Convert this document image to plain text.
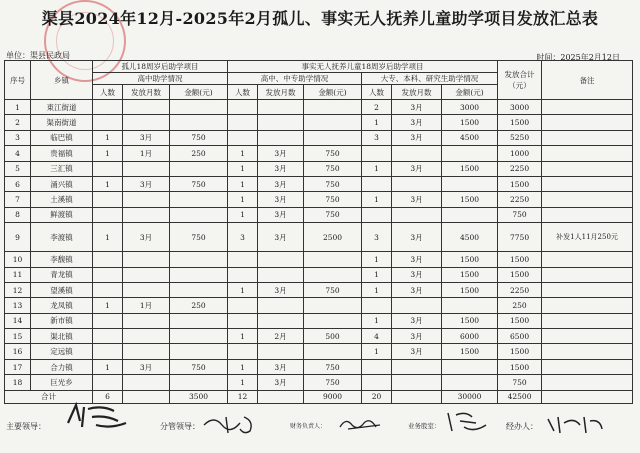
渠县2024年12月-2025年2月孤儿、事实无人抚养儿童助学项目发放汇总表
单位：渠县民政局	时间：2025年2月12日
序号	乡镇	孤儿18周岁后助学项目			事实无人抚养儿童18周岁后助学项目						发放合计（元）	备注
		高中助学情况			高中、中专助学情况			大专、本科、研究生助学情况				
		人数	发放月数	金额(元)	人数	发放月数	金额(元)	人数	发放月数	金额(元)		
1	東江街道							2	3月	3000	3000	
2	渠南街道							1	3月	1500	1500	
3	临巴镇	1	3月	750				3	3月	4500	5250	
4	贵福镇	1	1月	250	1	3月	750				1000	
5	三汇镇				1	3月	750	1	3月	1500	2250	
6	涌兴镇	1	3月	750	1	3月	750				1500	
7	土溪镇				1	3月	750	1	3月	1500	2250	
8	鲜渡镇				1	3月	750				750	
9	李渡镇	1	3月	750	3	3月	2500	3	3月	4500	7750	补发1人11月250元
10	李馥镇							1	3月	1500	1500	
11	青龙镇							1	3月	1500	1500	
12	望溪镇				1	3月	750	1	3月	1500	2250	
13	龙凤镇	1	1月	250							250	
14	新市镇							1	3月	1500	1500	
15	渠北镇				1	2月	500	4	3月	6000	6500	
16	定远镇							1	3月	1500	1500	
17	合力镇	1	3月	750	1	3月	750				1500	
18	巨光乡				1	3月	750				750	
合计		6		3500	12		9000	20		30000	42500	
主要领导：	分管领导：	财务负责人：	业务股室：	经办人：
